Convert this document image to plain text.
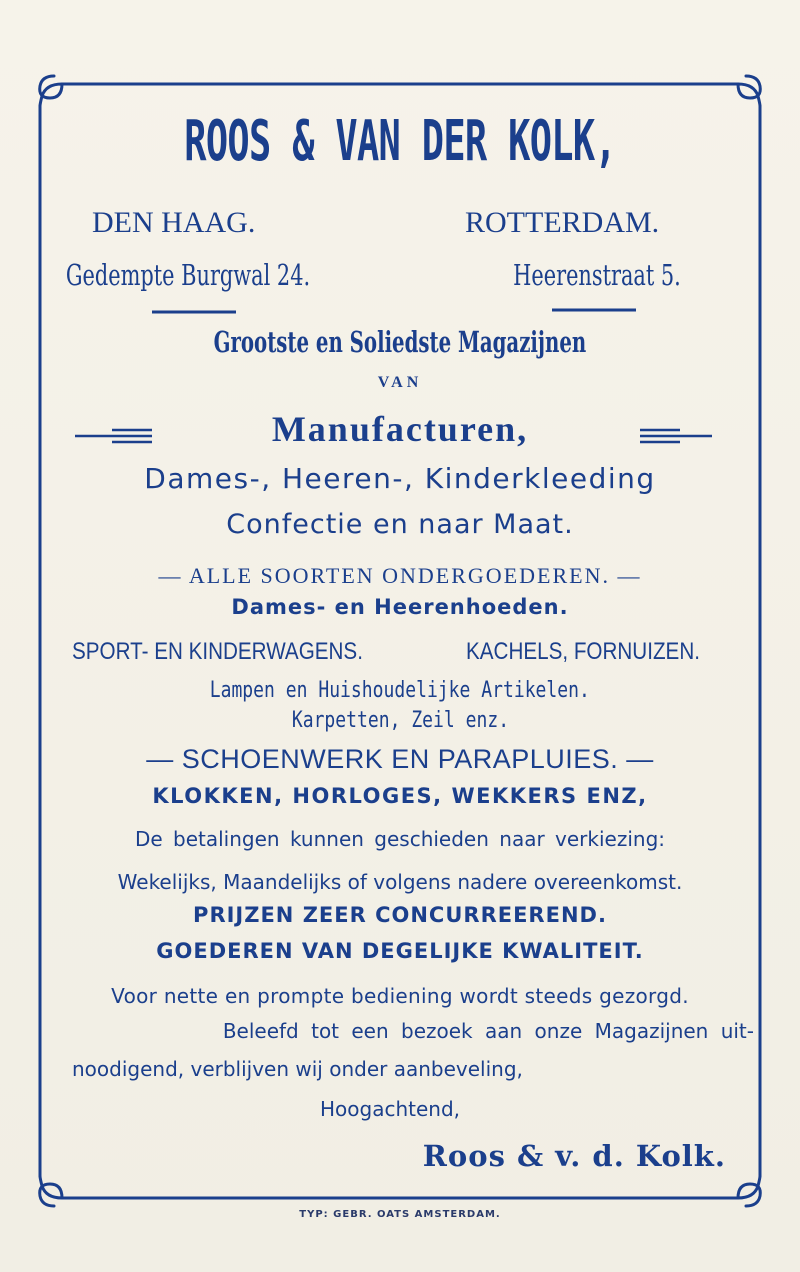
ROOS & VAN DER KOLK,
DEN HAAG.	ROTTERDAM.
Gedempte Burgwal 24.	Heerenstraat 5.
Grootste en Soliedste Magazijnen
VAN
Manufacturen,
Dames-, Heeren-, Kinderkleeding
Confectie en naar Maat.
— ALLE SOORTEN ONDERGOEDEREN. —
Dames- en Heerenhoeden.
SPORT- EN KINDERWAGENS.	KACHELS, FORNUIZEN.
Lampen en Huishoudelijke Artikelen.
Karpetten, Zeil enz.
— SCHOENWERK EN PARAPLUIES. —
KLOKKEN, HORLOGES, WEKKERS ENZ,
De betalingen kunnen geschieden naar verkiezing:
Wekelijks, Maandelijks of volgens nadere overeenkomst.
PRIJZEN ZEER CONCURREEREND.
GOEDEREN VAN DEGELIJKE KWALITEIT.
Voor nette en prompte bediening wordt steeds gezorgd.
Beleefd tot een bezoek aan onze Magazijnen uit-
noodigend, verblijven wij onder aanbeveling,
Hoogachtend,
Roos & v. d. Kolk.
TYP: GEBR. OATS AMSTERDAM.
